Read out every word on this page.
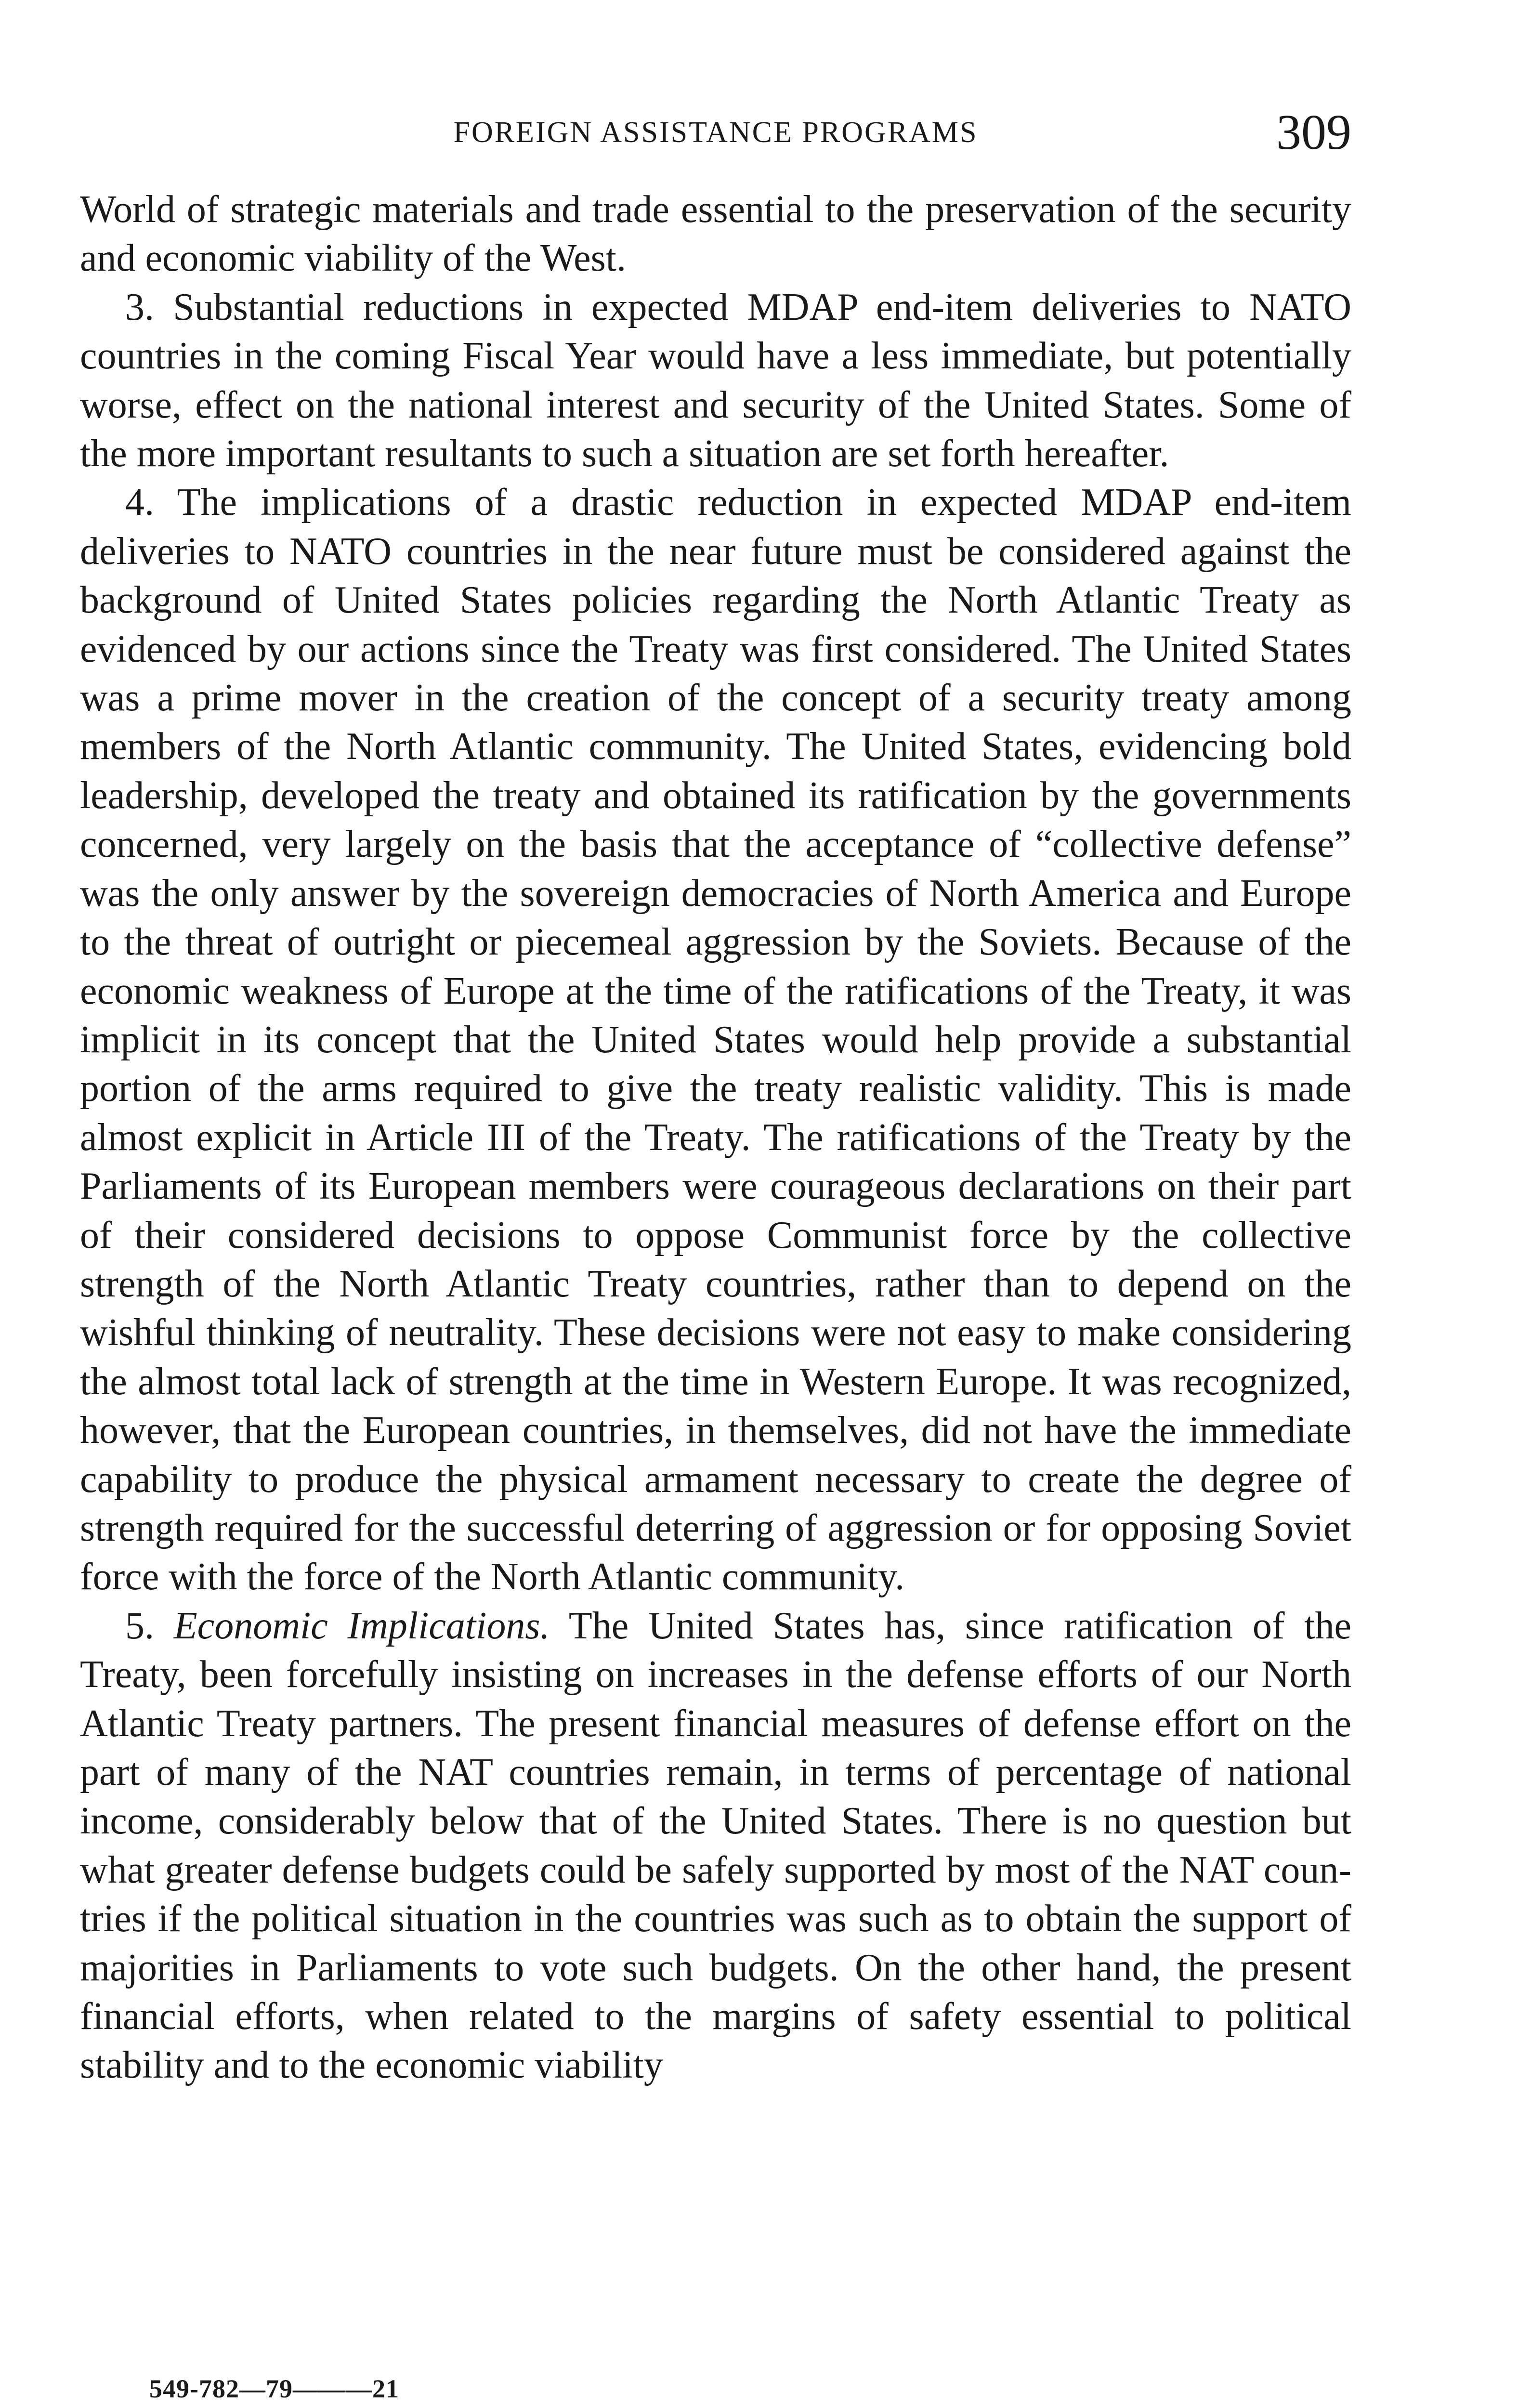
FOREIGN ASSISTANCE PROGRAMS	309

World of strategic materials and trade essential to the preservation of the security and economic viability of the West.

3. Substantial reductions in expected MDAP end-item deliveries to NATO countries in the coming Fiscal Year would have a less immediate, but potentially worse, effect on the national interest and security of the United States. Some of the more important resultants to such a situation are set forth hereafter.

4. The implications of a drastic reduction in expected MDAP end-item deliveries to NATO countries in the near future must be considered against the background of United States policies regarding the North Atlantic Treaty as evidenced by our actions since the Treaty was first considered. The United States was a prime mover in the creation of the concept of a security treaty among members of the North Atlantic community. The United States, evidencing bold leadership, developed the treaty and obtained its ratification by the governments concerned, very largely on the basis that the acceptance of “collective defense” was the only answer by the sovereign democracies of North America and Europe to the threat of outright or piecemeal aggression by the Soviets. Because of the economic weakness of Europe at the time of the ratifications of the Treaty, it was implicit in its concept that the United States would help provide a substantial portion of the arms required to give the treaty realistic validity. This is made almost explicit in Article III of the Treaty. The ratifications of the Treaty by the Parliaments of its European members were courageous declarations on their part of their considered decisions to oppose Communist force by the collective strength of the North Atlantic Treaty countries, rather than to depend on the wishful thinking of neutrality. These decisions were not easy to make considering the almost total lack of strength at the time in Western Europe. It was recognized, however, that the European countries, in themselves, did not have the immediate capability to produce the physical armament necessary to create the degree of strength required for the successful deterring of aggression or for opposing Soviet force with the force of the North Atlantic community.

5. Economic Implications. The United States has, since ratification of the Treaty, been forcefully insisting on increases in the defense efforts of our North Atlantic Treaty partners. The present financial measures of defense effort on the part of many of the NAT countries remain, in terms of percentage of national income, considerably below that of the United States. There is no question but what greater defense budgets could be safely supported by most of the NAT countries if the political situation in the countries was such as to obtain the support of majorities in Parliaments to vote such budgets. On the other hand, the present financial efforts, when related to the margins of safety essential to political stability and to the economic viability

549-782—79———21
